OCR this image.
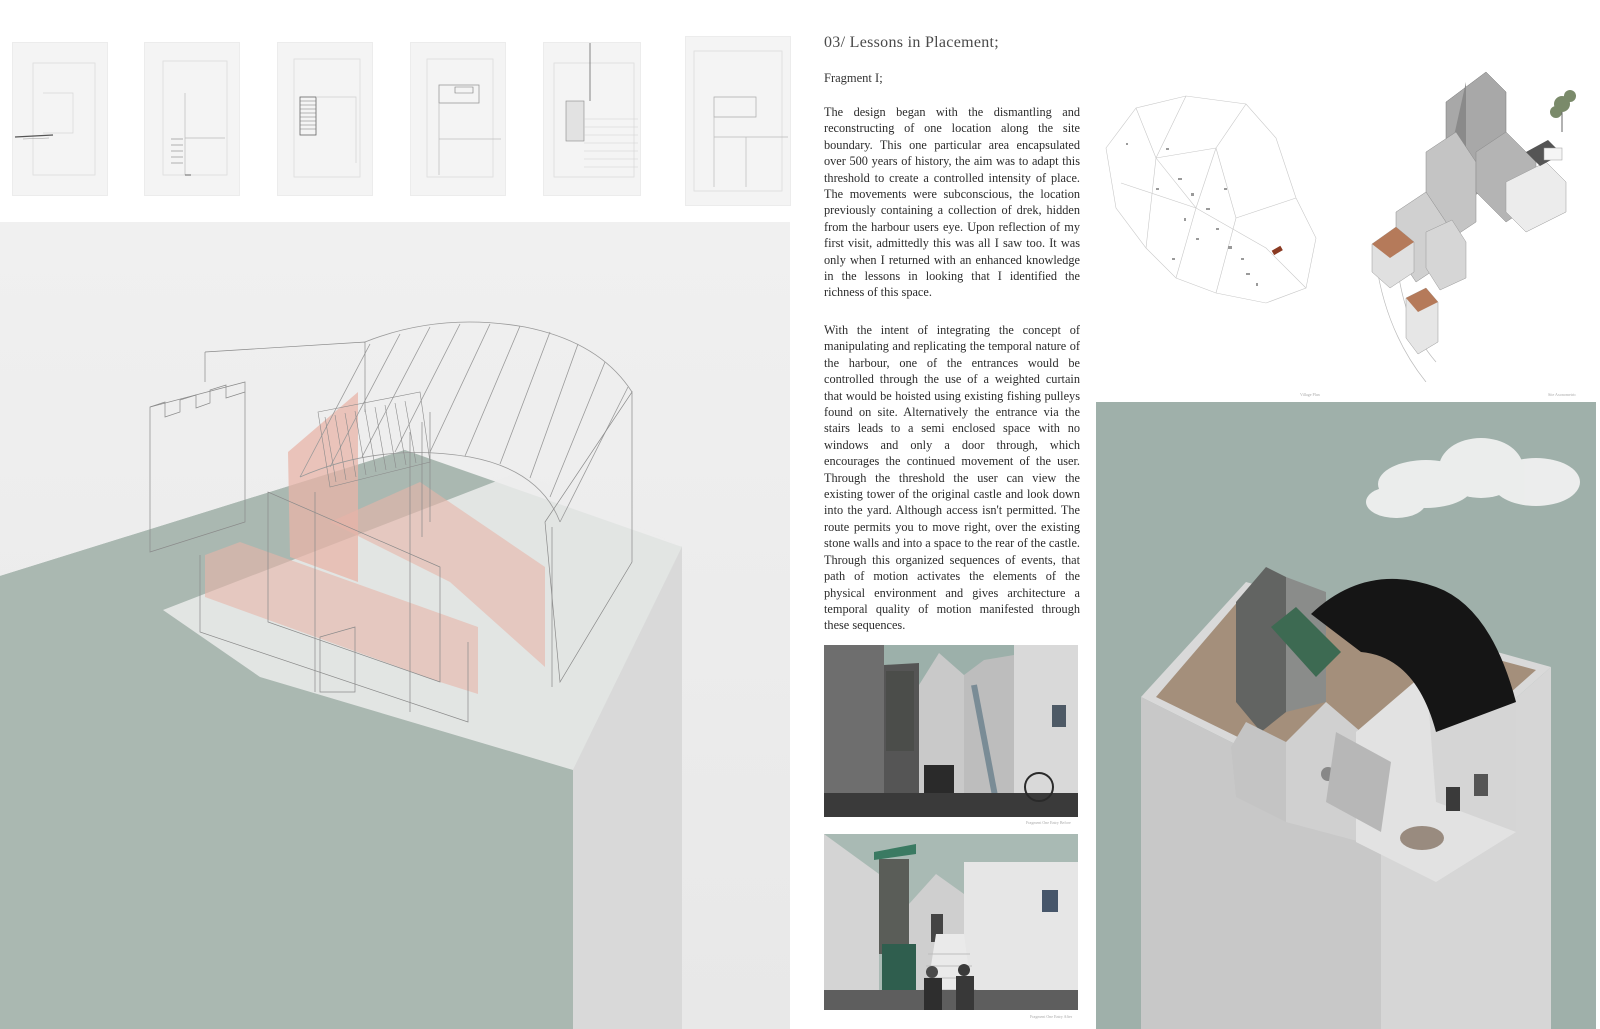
03/ Lessons in Placement;
Fragment I;

The design began with the dismantling and reconstructing of one location along the site boundary. This one particular area encapsulated over 500 years of history, the aim was to adapt this threshold to create a controlled intensity of place. The movements were subconscious, the location previously containing a collection of drek, hidden from the harbour users eye. Upon reflection of my first visit, admittedly this was all I saw too. It was only when I returned with an enhanced knowledge in the lessons in looking that I identified the richness of this space.

With the intent of integrating the concept of manipulating and replicating the temporal nature of the harbour, one of the entrances would be controlled through the use of a weighted curtain that would be hoisted using existing fishing pulleys found on site. Alternatively the entrance via the stairs leads to a semi enclosed space with no windows and only a door through, which encourages the continued movement of the user. Through the threshold the user can view the existing tower of the original castle and look down into the yard. Although access isn't permitted. The route permits you to move right, over the existing stone walls and into a space to the rear of the castle. Through this organized sequences of events, that path of motion activates the elements of the physical environment and gives architecture a temporal quality of motion manifested through these sequences.

Fragment One Entry Before
Fragment One Entry After
Village Plan	Site Axonometric
